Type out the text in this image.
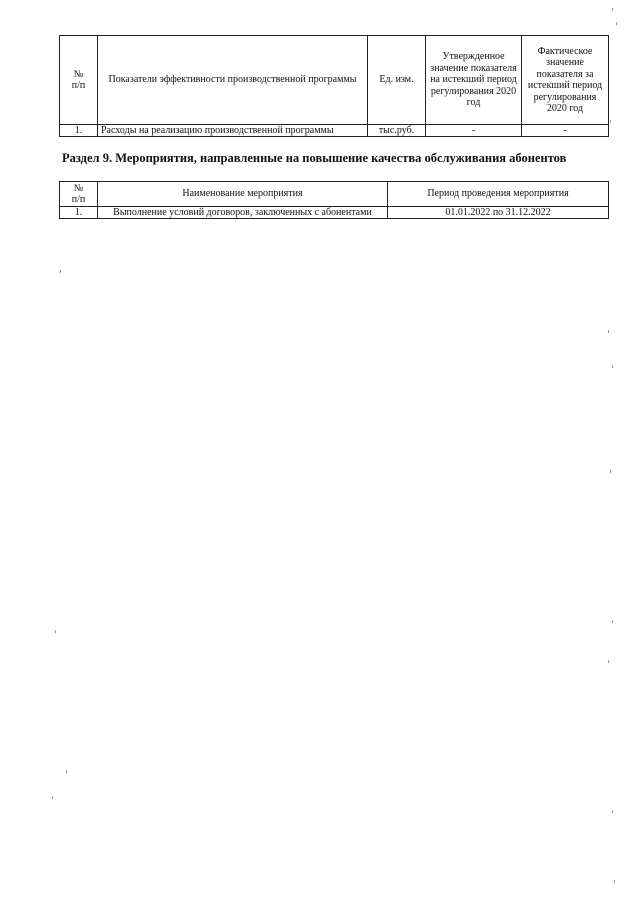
№
п/п	Показатели эффективности производственной программы	Ед. изм.	Утвержденное значение показателя на истекший период регулирования 2020 год	Фактическое значение показателя за истекший период регулирования 2020 год
1.	Расходы на реализацию производственной программы	тыс.руб.	-	-
Раздел 9. Мероприятия, направленные на повышение качества обслуживания абонентов
№
п/п	Наименование мероприятия	Период проведения мероприятия
1.	Выполнение условий договоров, заключенных с абонентами	01.01.2022 по 31.12.2022
